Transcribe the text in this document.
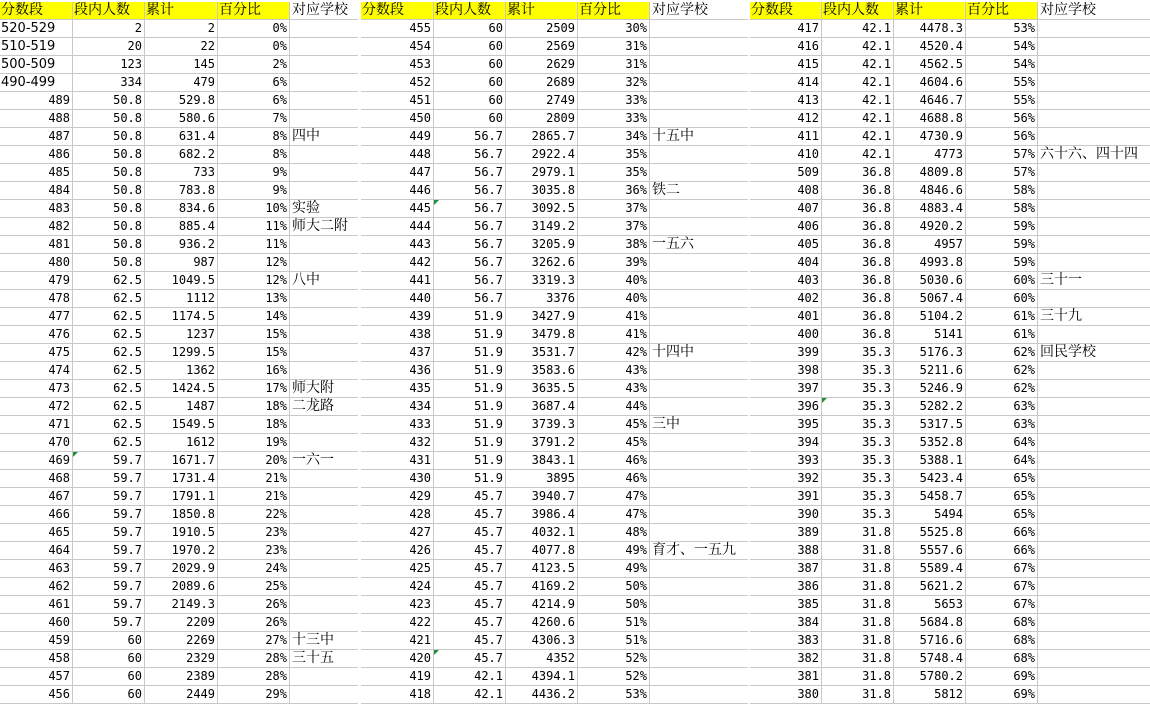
分数段	段内人数	累计	百分比	对应学校
520-529	2	2	0%
510-519	20	22	0%
500-509	123	145	2%
490-499	334	479	6%
489	50.8	529.8	6%
488	50.8	580.6	7%
487	50.8	631.4	8% 四中
486	50.8	682.2	8%
485	50.8	733	9%
484	50.8	783.8	9%
483	50.8	834.6	10% 实验
482	50.8	885.4	11% 师大二附
481	50.8	936.2	11%
480	50.8	987	12%
479	62.5	1049.5	12% 八中
478	62.5	1112	13%
477	62.5	1174.5	14%
476	62.5	1237	15%
475	62.5	1299.5	15%
474	62.5	1362	16%
473	62.5	1424.5	17% 师大附
472	62.5	1487	18% 二龙路
471	62.5	1549.5	18%
470	62.5	1612	19%
469	59.7	1671.7	20% 一六一
468	59.7	1731.4	21%
467	59.7	1791.1	21%
466	59.7	1850.8	22%
465	59.7	1910.5	23%
464	59.7	1970.2	23%
463	59.7	2029.9	24%
462	59.7	2089.6	25%
461	59.7	2149.3	26%
460	59.7	2209	26%
459	60	2269	27% 十三中
458	60	2329	28% 三十五
457	60	2389	28%
456	60	2449	29%
分数段	段内人数	累计	百分比	对应学校
455	60	2509	30%
454	60	2569	31%
453	60	2629	31%
452	60	2689	32%
451	60	2749	33%
450	60	2809	33%
449	56.7	2865.7	34% 十五中
448	56.7	2922.4	35%
447	56.7	2979.1	35%
446	56.7	3035.8	36% 铁二
445	56.7	3092.5	37%
444	56.7	3149.2	37%
443	56.7	3205.9	38% 一五六
442	56.7	3262.6	39%
441	56.7	3319.3	40%
440	56.7	3376	40%
439	51.9	3427.9	41%
438	51.9	3479.8	41%
437	51.9	3531.7	42% 十四中
436	51.9	3583.6	43%
435	51.9	3635.5	43%
434	51.9	3687.4	44%
433	51.9	3739.3	45% 三中
432	51.9	3791.2	45%
431	51.9	3843.1	46%
430	51.9	3895	46%
429	45.7	3940.7	47%
428	45.7	3986.4	47%
427	45.7	4032.1	48%
426	45.7	4077.8	49% 育才、一五九
425	45.7	4123.5	49%
424	45.7	4169.2	50%
423	45.7	4214.9	50%
422	45.7	4260.6	51%
421	45.7	4306.3	51%
420	45.7	4352	52%
419	42.1	4394.1	52%
418	42.1	4436.2	53%
分数段	段内人数	累计	百分比	对应学校
417	42.1	4478.3	53%
416	42.1	4520.4	54%
415	42.1	4562.5	54%
414	42.1	4604.6	55%
413	42.1	4646.7	55%
412	42.1	4688.8	56%
411	42.1	4730.9	56%
410	42.1	4773	57% 六十六、四十四
509	36.8	4809.8	57%
408	36.8	4846.6	58%
407	36.8	4883.4	58%
406	36.8	4920.2	59%
405	36.8	4957	59%
404	36.8	4993.8	59%
403	36.8	5030.6	60% 三十一
402	36.8	5067.4	60%
401	36.8	5104.2	61% 三十九
400	36.8	5141	61%
399	35.3	5176.3	62% 回民学校
398	35.3	5211.6	62%
397	35.3	5246.9	62%
396	35.3	5282.2	63%
395	35.3	5317.5	63%
394	35.3	5352.8	64%
393	35.3	5388.1	64%
392	35.3	5423.4	65%
391	35.3	5458.7	65%
390	35.3	5494	65%
389	31.8	5525.8	66%
388	31.8	5557.6	66%
387	31.8	5589.4	67%
386	31.8	5621.2	67%
385	31.8	5653	67%
384	31.8	5684.8	68%
383	31.8	5716.6	68%
382	31.8	5748.4	68%
381	31.8	5780.2	69%
380	31.8	5812	69%
